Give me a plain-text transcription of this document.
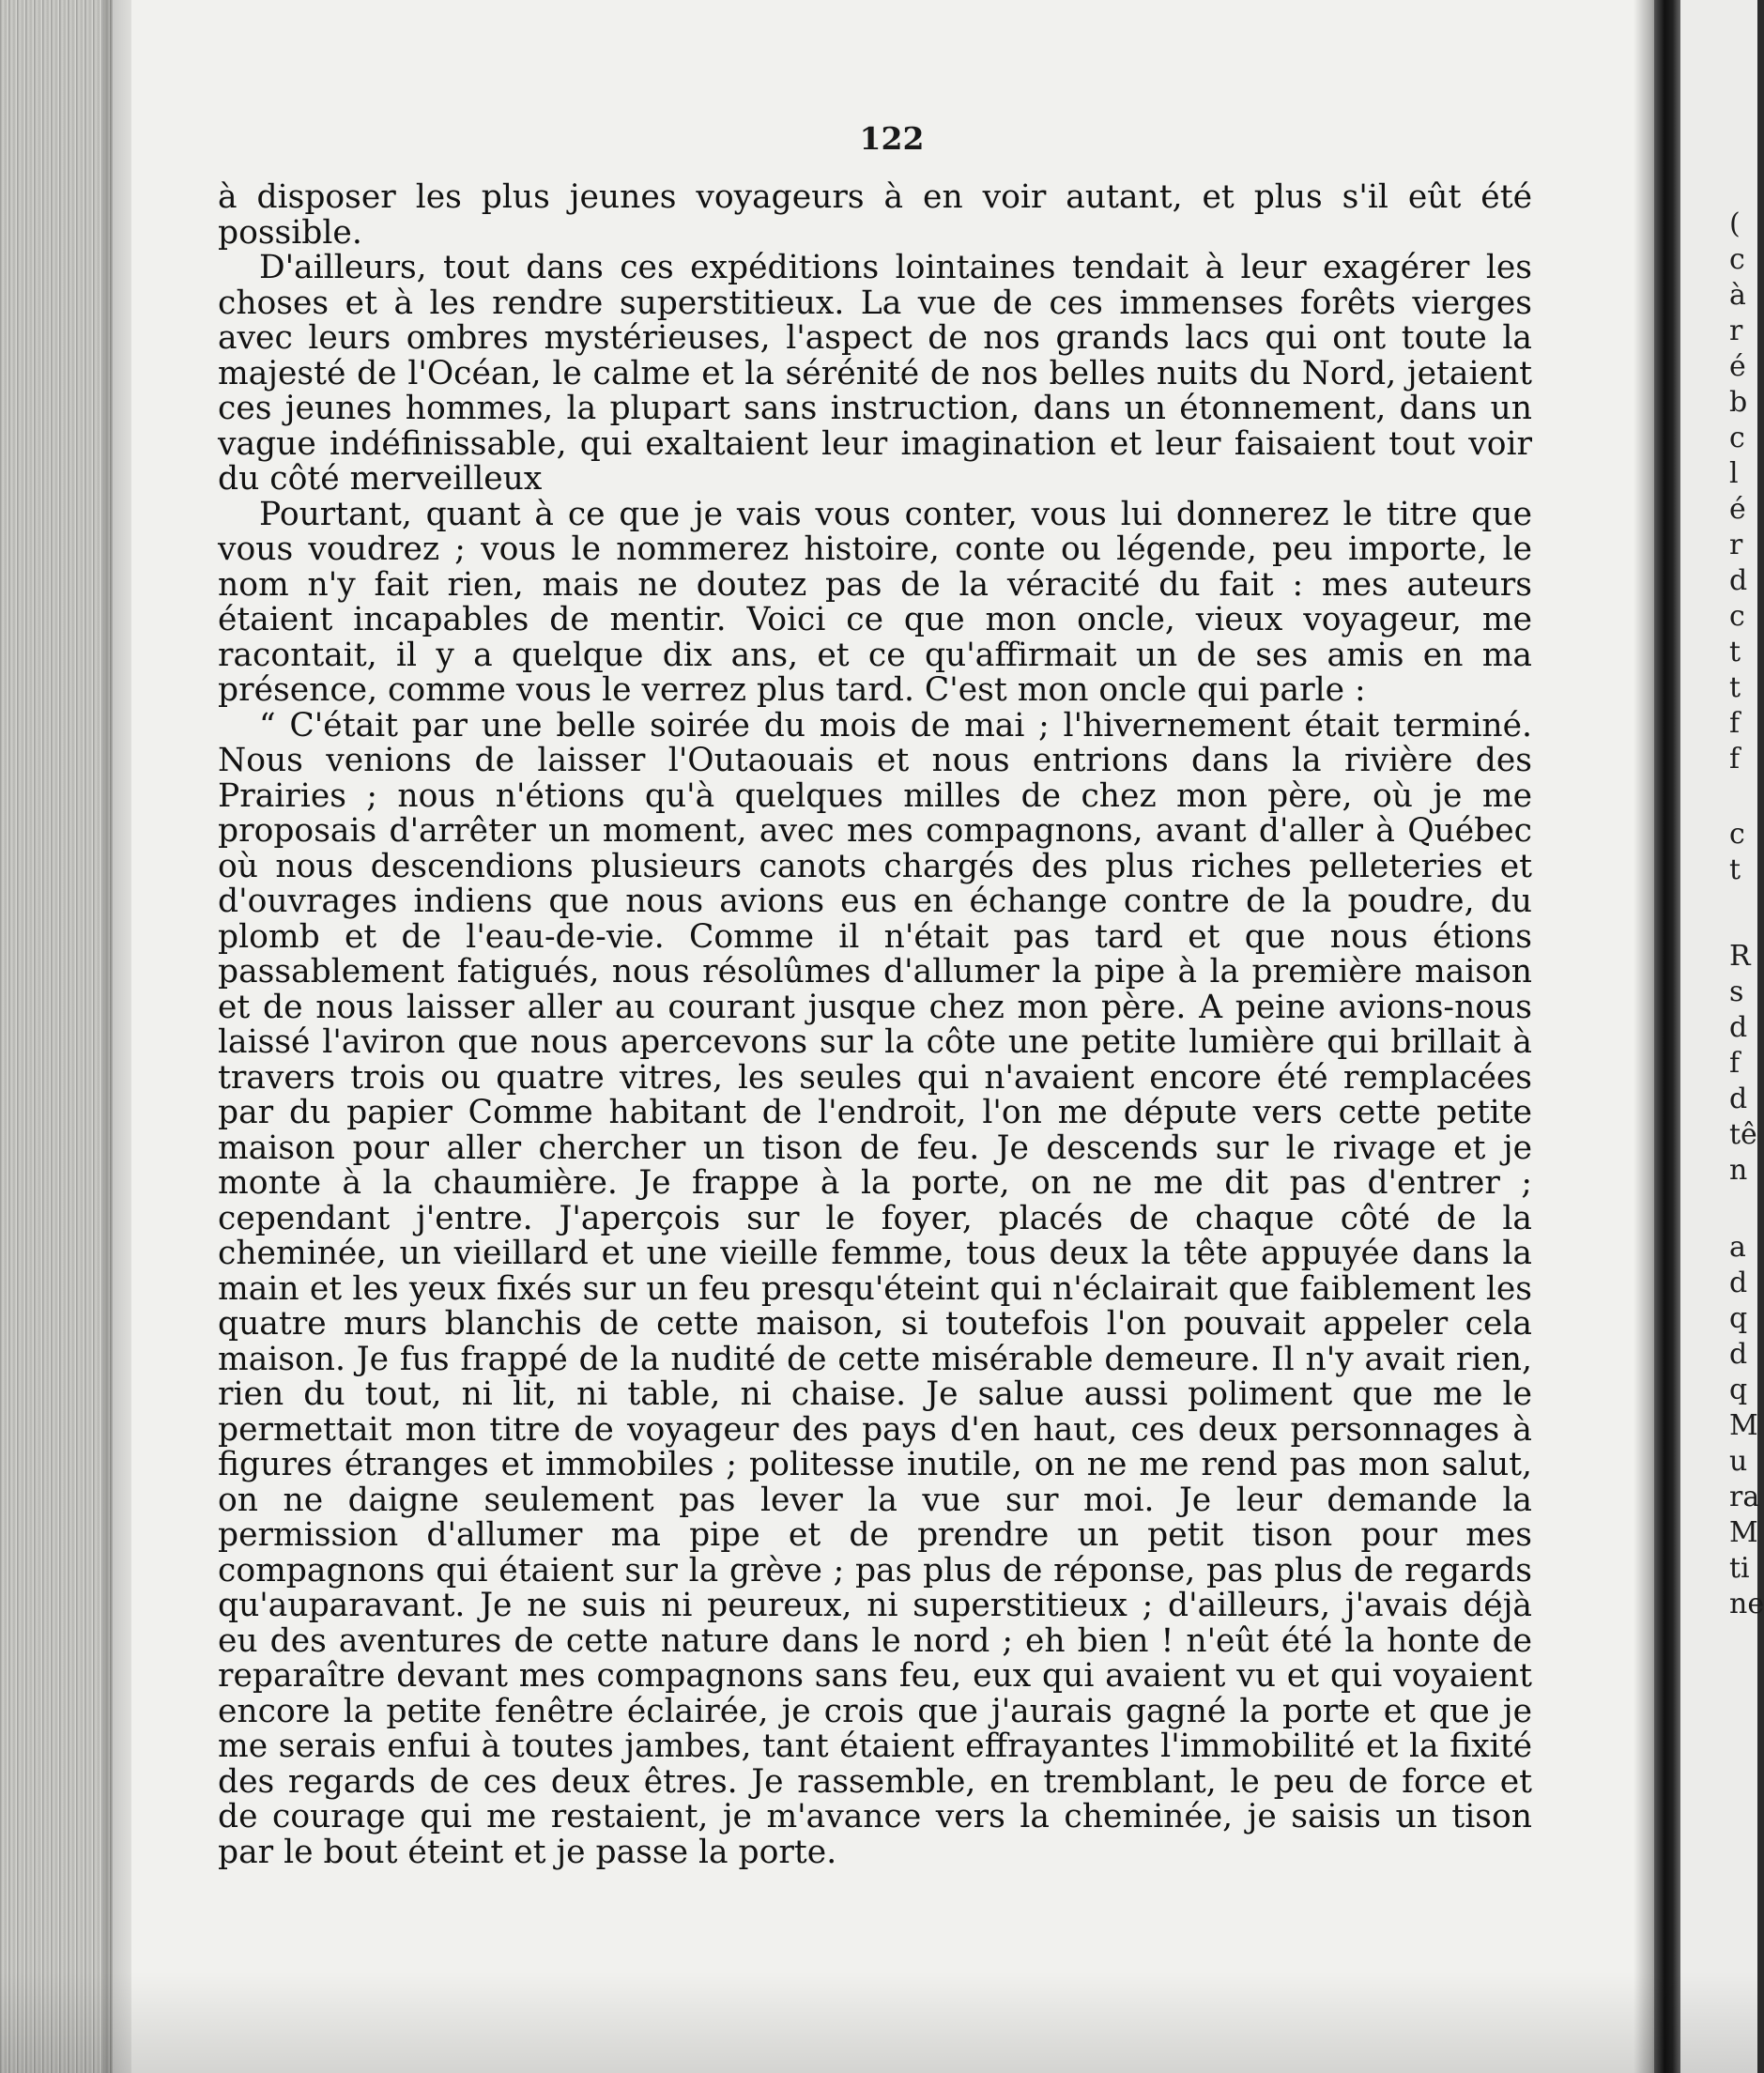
122

à disposer les plus jeunes voyageurs à en voir autant, et plus s'il eût été possible.

D'ailleurs, tout dans ces expéditions lointaines tendait à leur exagérer les choses et à les rendre superstitieux. La vue de ces immenses forêts vierges avec leurs ombres mystérieuses, l'aspect de nos grands lacs qui ont toute la majesté de l'Océan, le calme et la sérénité de nos belles nuits du Nord, jetaient ces jeunes hommes, la plupart sans instruction, dans un étonnement, dans un vague indéfinissable, qui exaltaient leur imagination et leur faisaient tout voir du côté merveilleux

Pourtant, quant à ce que je vais vous conter, vous lui donnerez le titre que vous voudrez ; vous le nommerez histoire, conte ou légende, peu importe, le nom n'y fait rien, mais ne doutez pas de la véracité du fait : mes auteurs étaient incapables de mentir. Voici ce que mon oncle, vieux voyageur, me racontait, il y a quelque dix ans, et ce qu'affirmait un de ses amis en ma présence, comme vous le verrez plus tard. C'est mon oncle qui parle :

“ C'était par une belle soirée du mois de mai ; l'hivernement était terminé. Nous venions de laisser l'Outaouais et nous entrions dans la rivière des Prairies ; nous n'étions qu'à quelques milles de chez mon père, où je me proposais d'arrêter un moment, avec mes compagnons, avant d'aller à Québec où nous descendions plusieurs canots chargés des plus riches pelleteries et d'ouvrages indiens que nous avions eus en échange contre de la poudre, du plomb et de l'eau-de-vie. Comme il n'était pas tard et que nous étions passablement fatigués, nous résolûmes d'allumer la pipe à la première maison et de nous laisser aller au courant jusque chez mon père. A peine avions-nous laissé l'aviron que nous apercevons sur la côte une petite lumière qui brillait à travers trois ou quatre vitres, les seules qui n'avaient encore été remplacées par du papier Comme habitant de l'endroit, l'on me députe vers cette petite maison pour aller chercher un tison de feu. Je descends sur le rivage et je monte à la chaumière. Je frappe à la porte, on ne me dit pas d'entrer ; cependant j'entre. J'aperçois sur le foyer, placés de chaque côté de la cheminée, un vieillard et une vieille femme, tous deux la tête appuyée dans la main et les yeux fixés sur un feu presqu'éteint qui n'éclairait que faiblement les quatre murs blanchis de cette maison, si toutefois l'on pouvait appeler cela maison. Je fus frappé de la nudité de cette misérable demeure. Il n'y avait rien, rien du tout, ni lit, ni table, ni chaise. Je salue aussi poliment que me le permettait mon titre de voyageur des pays d'en haut, ces deux personnages à figures étranges et immobiles ; politesse inutile, on ne me rend pas mon salut, on ne daigne seulement pas lever la vue sur moi. Je leur demande la permission d'allumer ma pipe et de prendre un petit tison pour mes compagnons qui étaient sur la grève ; pas plus de réponse, pas plus de regards qu'auparavant. Je ne suis ni peureux, ni superstitieux ; d'ailleurs, j'avais déjà eu des aventures de cette nature dans le nord ; eh bien ! n'eût été la honte de reparaître devant mes compagnons sans feu, eux qui avaient vu et qui voyaient encore la petite fenêtre éclairée, je crois que j'aurais gagné la porte et que je me serais enfui à toutes jambes, tant étaient effrayantes l'immobilité et la fixité des regards de ces deux êtres. Je rassemble, en tremblant, le peu de force et de courage qui me restaient, je m'avance vers la cheminée, je saisis un tison par le bout éteint et je passe la porte.

(
c
à
r
é
b
c
l
é
r
d
c
t
t
f
f
c
t
R
s
d
f
d
tê
n
a
d
q
d
q
M
u
ra
M
ti
ne
